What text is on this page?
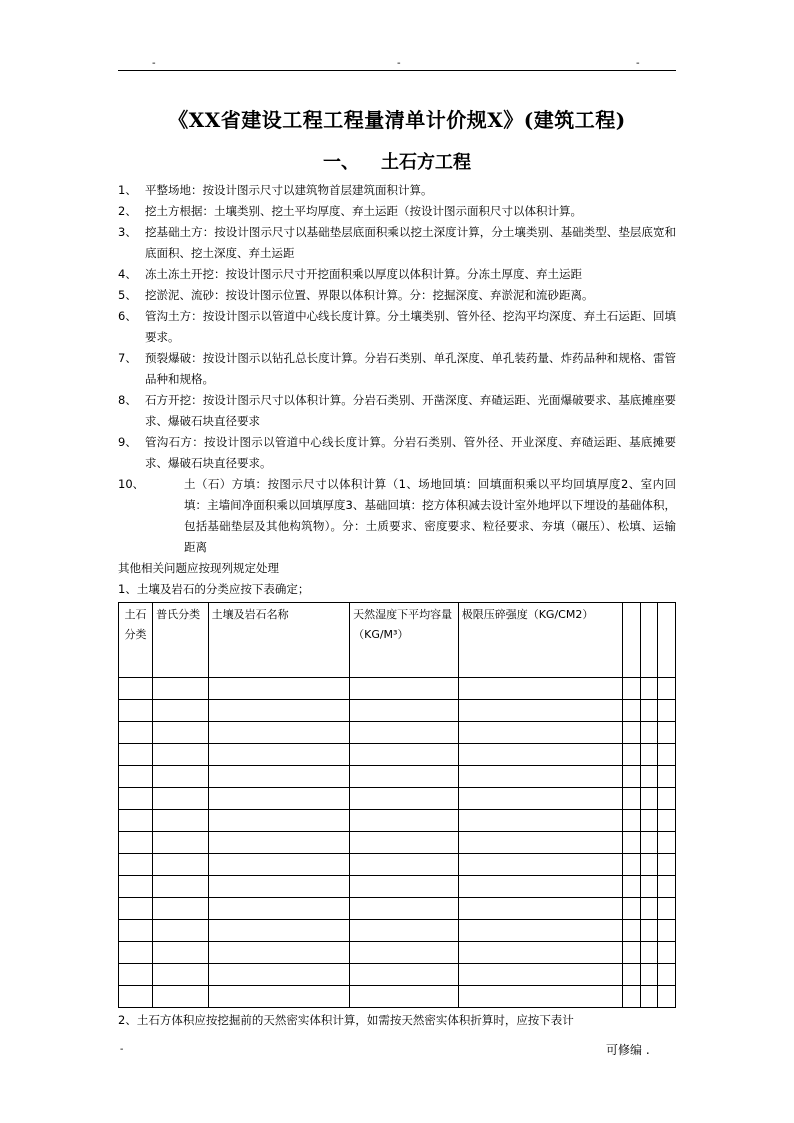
-	-	-
《XX省建设工程工程量清单计价规X》(建筑工程)
一、 土石方工程
1、 平整场地：按设计图示尺寸以建筑物首层建筑面积计算。
2、 挖土方根据：土壤类别、挖土平均厚度、弃土运距（按设计图示面积尺寸以体积计算。
3、 挖基础土方：按设计图示尺寸以基础垫层底面积乘以挖土深度计算，分土壤类别、基础类型、垫层底宽和底面积、挖土深度、弃土运距
4、 冻土冻土开挖：按设计图示尺寸开挖面积乘以厚度以体积计算。分冻土厚度、弃土运距
5、 挖淤泥、流砂：按设计图示位置、界限以体积计算。分：挖掘深度、弃淤泥和流砂距离。
6、 管沟土方：按设计图示以管道中心线长度计算。分土壤类别、管外径、挖沟平均深度、弃土石运距、回填要求。
7、 预裂爆破：按设计图示以钻孔总长度计算。分岩石类别、单孔深度、单孔装药量、炸药品种和规格、雷管品种和规格。
8、 石方开挖：按设计图示尺寸以体积计算。分岩石类别、开凿深度、弃碴运距、光面爆破要求、基底摊座要求、爆破石块直径要求
9、 管沟石方：按设计图示以管道中心线长度计算。分岩石类别、管外径、开业深度、弃碴运距、基底摊要求、爆破石块直径要求。
10、	土（石）方填：按图示尺寸以体积计算（1、场地回填：回填面积乘以平均回填厚度2、室内回填：主墙间净面积乘以回填厚度3、基础回填：挖方体积减去设计室外地坪以下埋设的基础体积，包括基础垫层及其他构筑物）。分：土质要求、密度要求、粒径要求、夯填（碾压）、松填、运输距离
其他相关问题应按现列规定处理
1、土壤及岩石的分类应按下表确定；
土石分类	普氏分类	土壤及岩石名称	天然湿度下平均容量（KG/M³）	极限压碎强度（KG/CM2）			

2、土石方体积应按挖掘前的天然密实体积计算，如需按天然密实体积折算时，应按下表计
-	可修编 .
